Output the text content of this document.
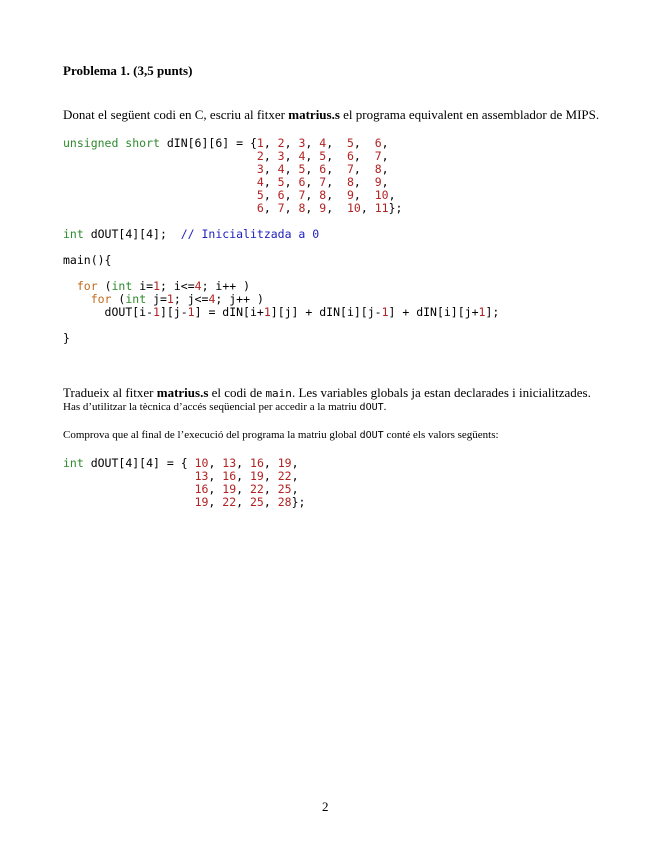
Problema 1. (3,5 punts)
Donat el següent codi en C, escriu al fitxer matrius.s el programa equivalent en assemblador de MIPS.
unsigned short dIN[6][6] = {1, 2, 3, 4,  5,  6,
2, 3, 4, 5,  6,  7,
3, 4, 5, 6,  7,  8,
4, 5, 6, 7,  8,  9,
5, 6, 7, 8,  9,  10,
6, 7, 8, 9,  10, 11};

int dOUT[4][4]; // Inicialitzada a 0

main(){

for (int i=1; i<=4; i++ )
for (int j=1; j<=4; j++ )
dOUT[i-1][j-1] = dIN[i+1][j] + dIN[i][j-1] + dIN[i][j+1];

}
Tradueix al fitxer matrius.s el codi de main. Les variables globals ja estan declarades i inicialitzades.
Has d’utilitzar la tècnica d’accés seqüencial per accedir a la matriu dOUT.
Comprova que al final de l’execució del programa la matriu global dOUT conté els valors següents:
int dOUT[4][4] = { 10, 13, 16, 19,
13, 16, 19, 22,
16, 19, 22, 25,
19, 22, 25, 28};
2
